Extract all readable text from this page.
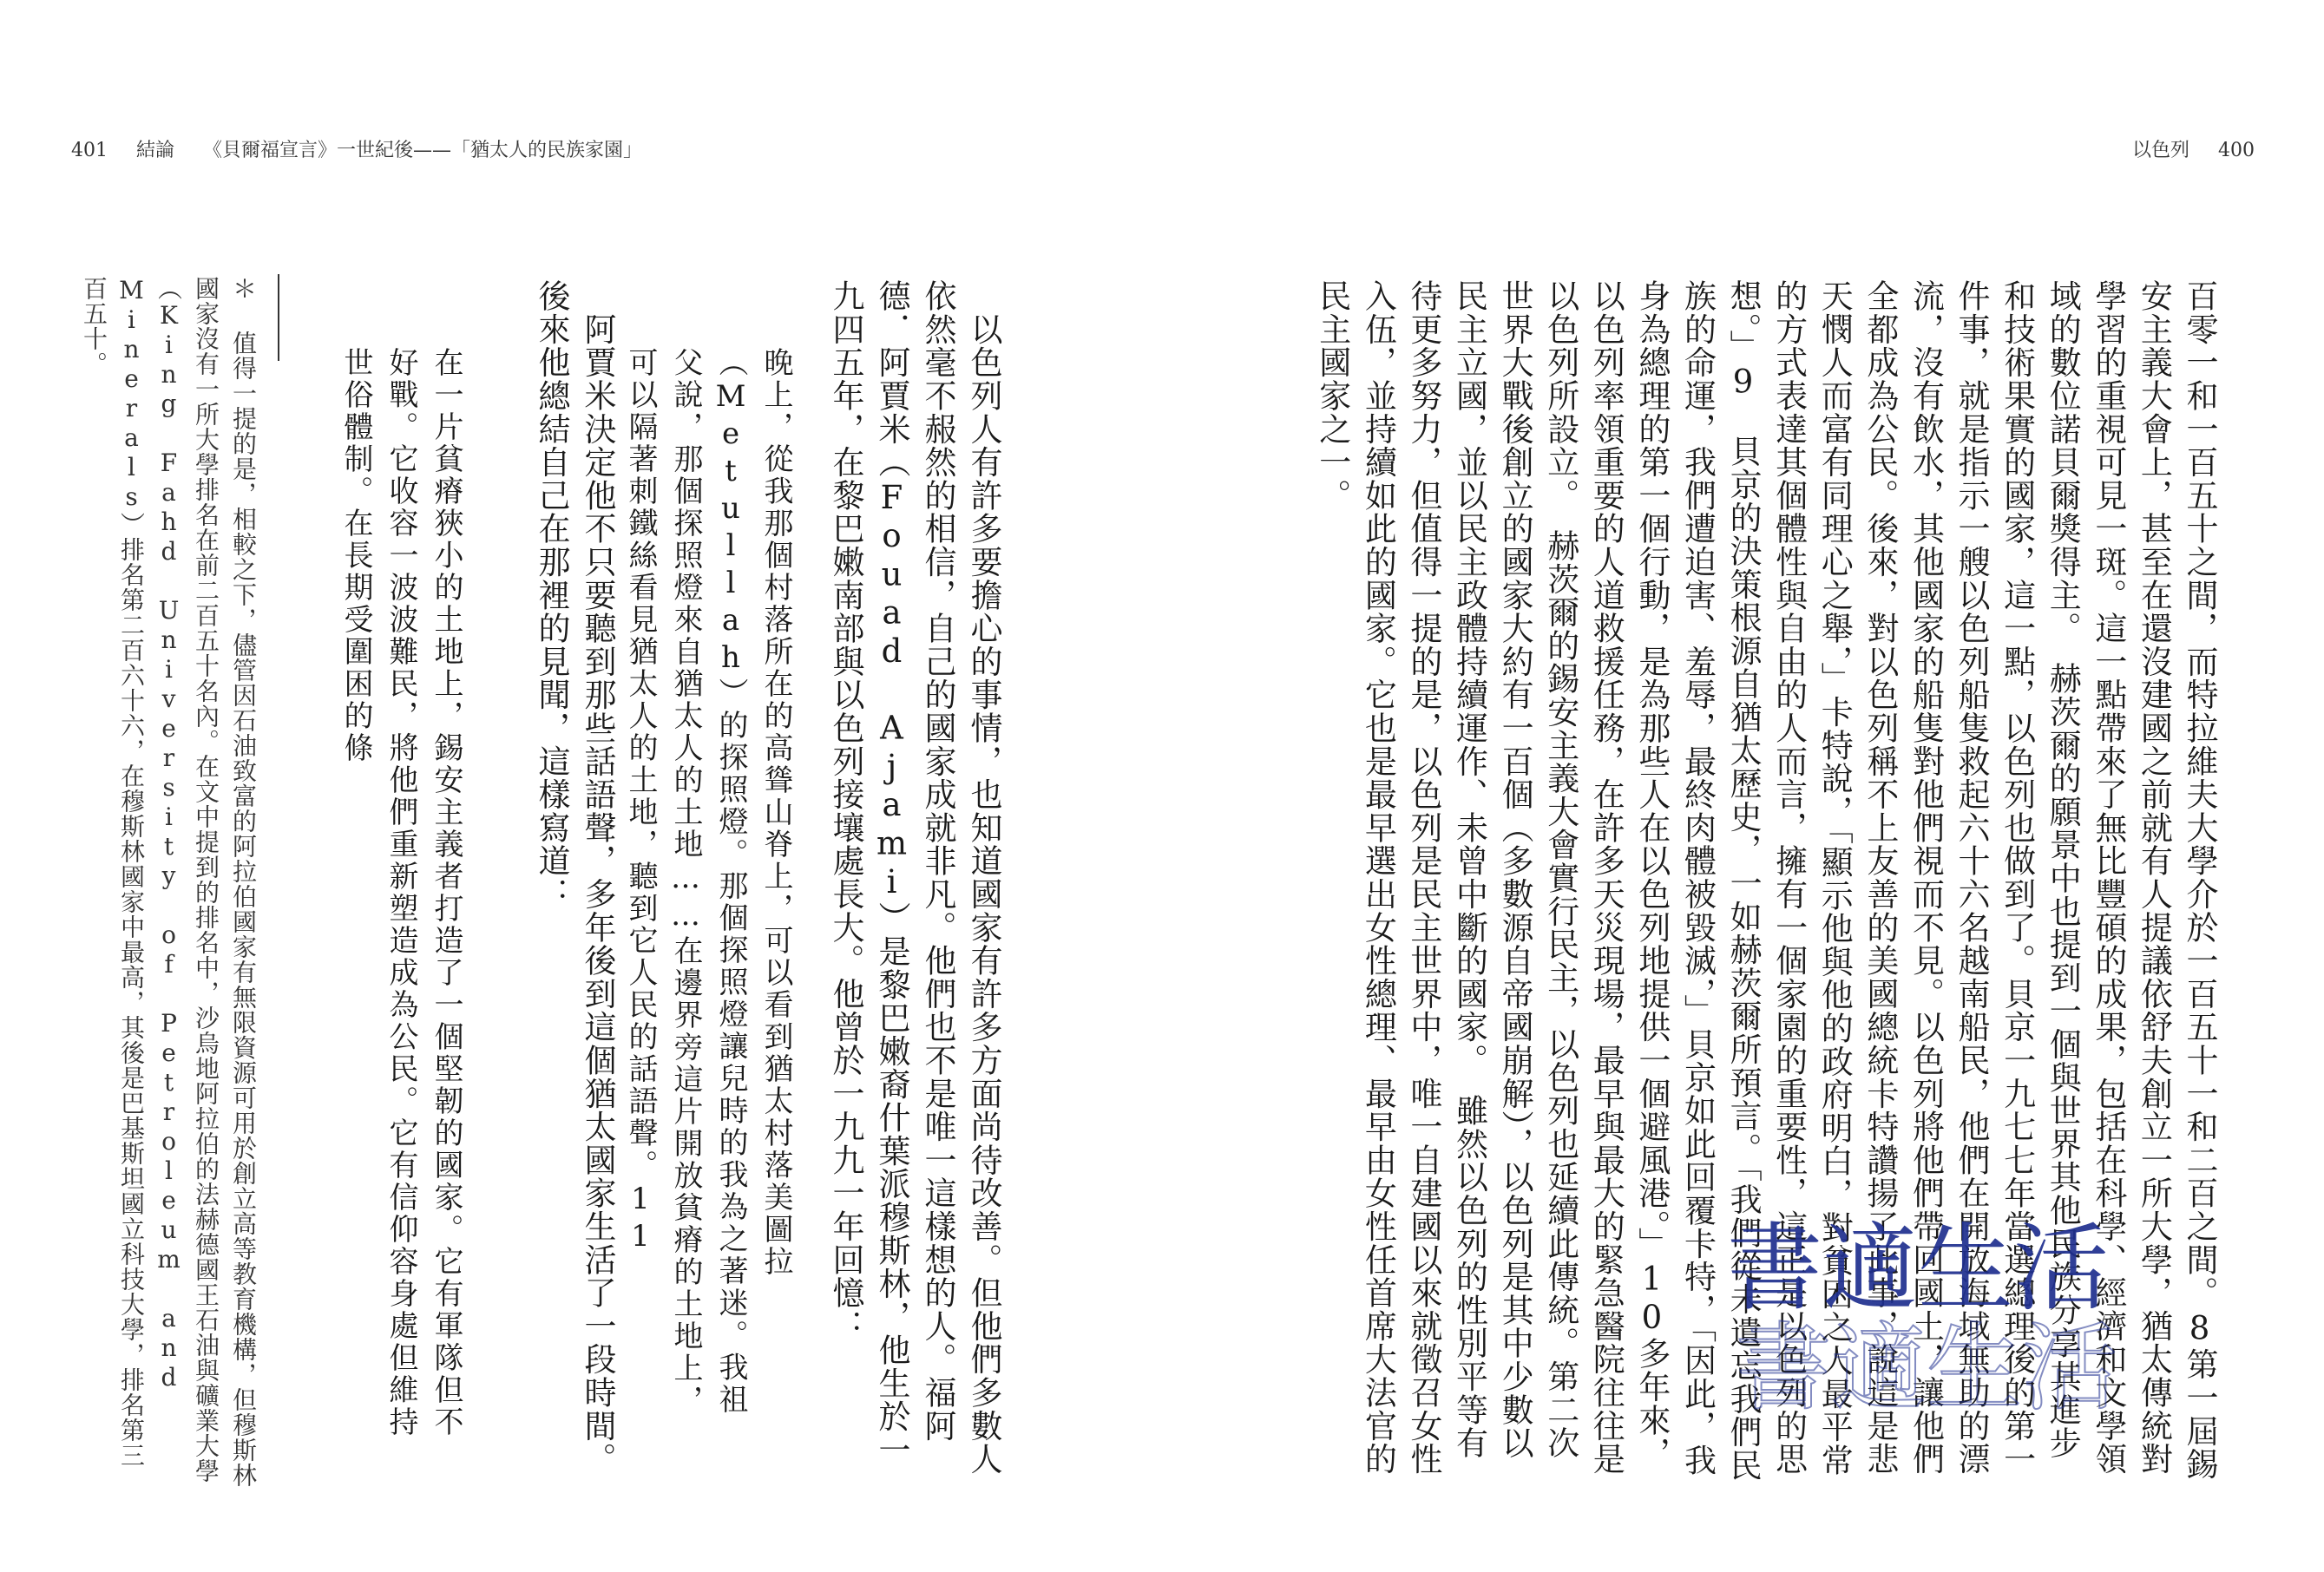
401 結論 《貝爾福宣言》一世紀後——「猶太人的民族家園」	以色列 400

百零一和一百五十之間，而特拉維夫大學介於一百五十一和二百之間。8第一屆錫安主義大會上，甚至在還沒建國之前就有人提議依舒夫創立一所大學，猶太傳統對學習的重視可見一斑。這一點帶來了無比豐碩的成果，包括在科學、經濟和文學領域的數位諾貝爾獎得主。　赫茨爾的願景中也提到一個與世界其他民族分享其進步和技術果實的國家，這一點，以色列也做到了。貝京一九七七年當選總理後的第一件事，就是指示一艘以色列船隻救起六十六名越南船民，他們在開放海域無助的漂流，沒有飲水，其他國家的船隻對他們視而不見。以色列將他們帶回國土，讓他們全都成為公民。後來，對以色列稱不上友善的美國總統卡特讚揚了此事，說這是悲天憫人而富有同理心之舉，」卡特說，「顯示他與他的政府明白，對貧困之人最平常的方式表達其個體性與自由的人而言，擁有一個家園的重要性，這正是以色列的思想。」9　貝京的決策根源自猶太歷史，一如赫茨爾所預言。「我們從未遺忘我們民族的命運，我們遭迫害、羞辱，最終肉體被毀滅，」貝京如此回覆卡特，「因此，我身為總理的第一個行動，是為那些人在以色列地提供一個避風港。」10多年來，以色列率領重要的人道救援任務，在許多天災現場，最早與最大的緊急醫院往往是以色列所設立。　赫茨爾的錫安主義大會實行民主，以色列也延續此傳統。第二次世界大戰後創立的國家大約有一百個（多數源自帝國崩解），以色列是其中少數以民主立國，並以民主政體持續運作、未曾中斷的國家。　雖然以色列的性別平等有待更多努力，但值得一提的是，以色列是民主世界中，唯一自建國以來就徵召女性入伍，並持續如此的國家。它也是最早選出女性總理、最早由女性任首席大法官的民主國家之一。

　以色列人有許多要擔心的事情，也知道國家有許多方面尚待改善。但他們多數人依然毫不赧然的相信，自己的國家成就非凡。他們也不是唯一這樣想的人。福阿德．阿賈米（Fouad Ajami）是黎巴嫩裔什葉派穆斯林，他生於一九四五年，在黎巴嫩南部與以色列接壤處長大。他曾於一九九一年回憶：

晚上，從我那個村落所在的高聳山脊上，可以看到猶太村落美圖拉（Metullah）的探照燈。那個探照燈讓兒時的我為之著迷。我祖父說，那個探照燈來自猶太人的土地……在邊界旁這片開放貧瘠的土地上，可以隔著刺鐵絲看見猶太人的土地，聽到它人民的話語聲。11

　阿賈米決定他不只要聽到那些話語聲，多年後到這個猶太國家生活了一段時間。後來他總結自己在那裡的見聞，這樣寫道：

在一片貧瘠狹小的土地上，錫安主義者打造了一個堅韌的國家。它有軍隊但不好戰。它收容一波波難民，將他們重新塑造成為公民。它有信仰容身處但維持世俗體制。在長期受圍困的條

＊ 值得一提的是，相較之下，儘管因石油致富的阿拉伯國家有無限資源可用於創立高等教育機構，但穆斯林國家沒有一所大學排名在前二百五十名內。在文中提到的排名中，沙烏地阿拉伯的法赫德國王石油與礦業大學（King Fahd University of Petroleum and Minerals）排名第二百六十六，在穆斯林國家中最高，其後是巴基斯坦國立科技大學，排名第三百五十。

書適生活
書適生活
